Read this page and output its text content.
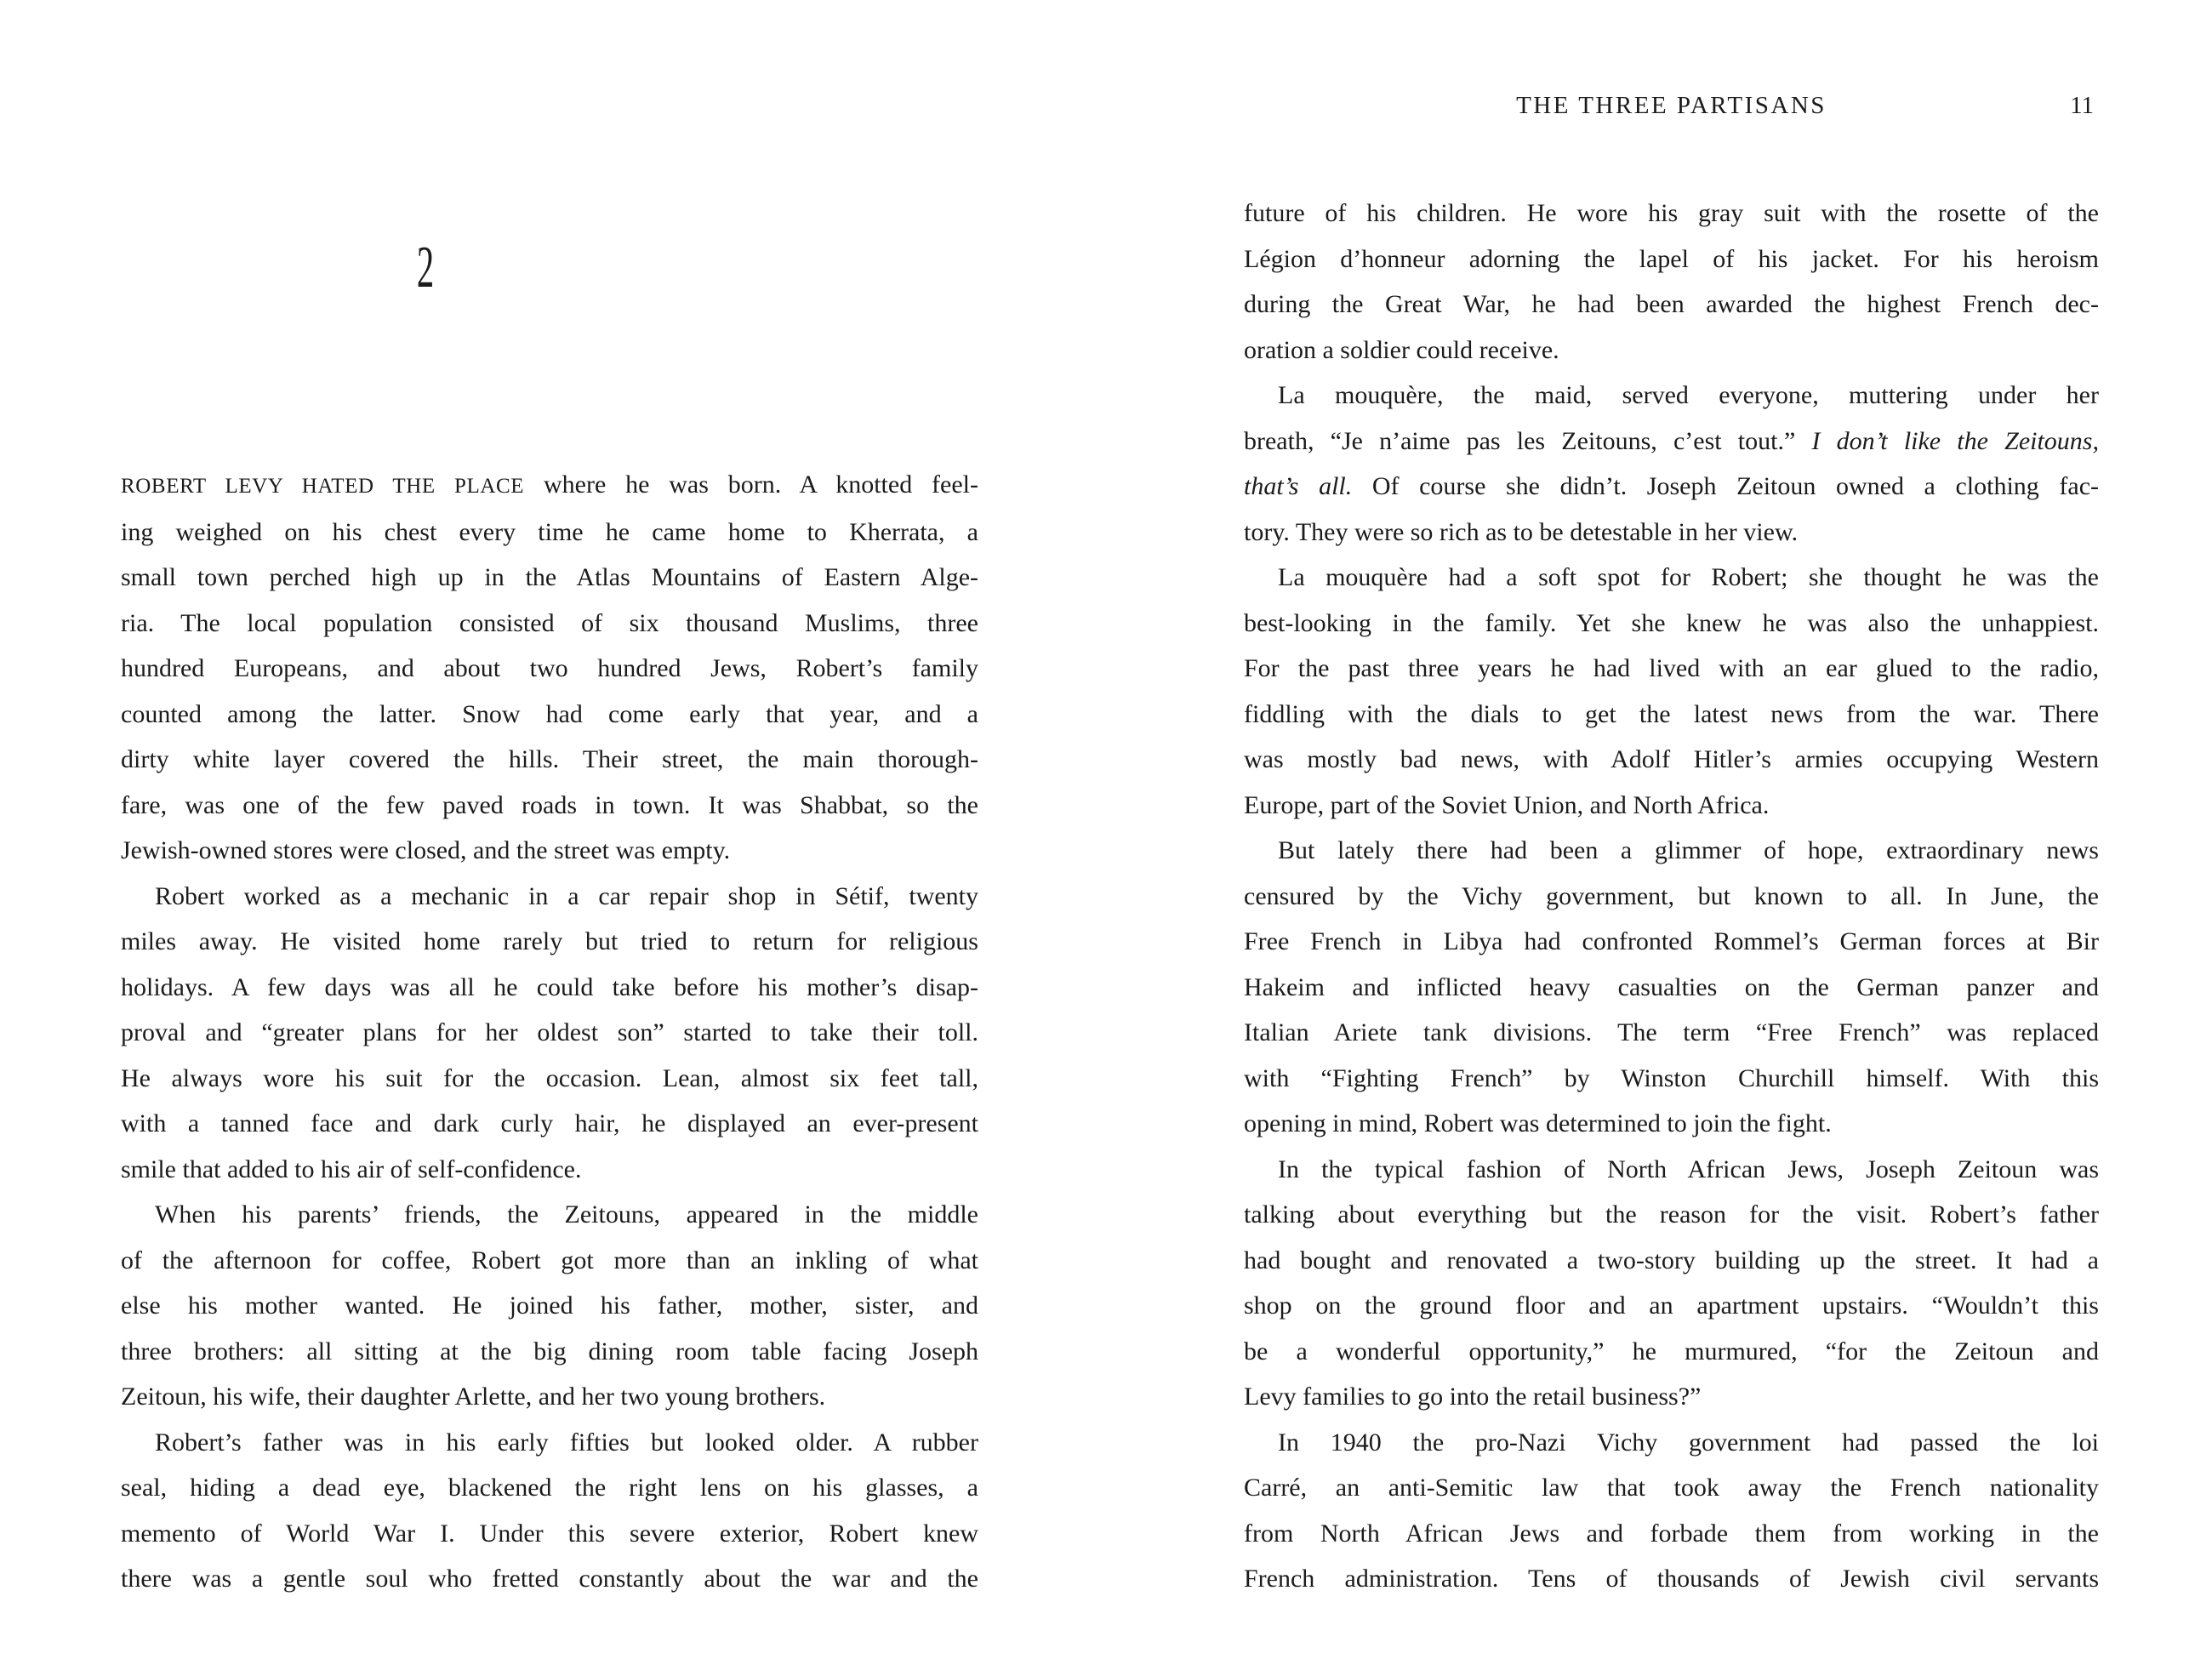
2
ROBERT LEVY HATED THE PLACE where he was born. A knotted feel-
ing weighed on his chest every time he came home to Kherrata, a
small town perched high up in the Atlas Mountains of Eastern Alge-
ria. The local population consisted of six thousand Muslims, three
hundred Europeans, and about two hundred Jews, Robert’s family
counted among the latter. Snow had come early that year, and a
dirty white layer covered the hills. Their street, the main thorough-
fare, was one of the few paved roads in town. It was Shabbat, so the
Jewish-owned stores were closed, and the street was empty.
Robert worked as a mechanic in a car repair shop in Sétif, twenty
miles away. He visited home rarely but tried to return for religious
holidays. A few days was all he could take before his mother’s disap-
proval and “greater plans for her oldest son” started to take their toll.
He always wore his suit for the occasion. Lean, almost six feet tall,
with a tanned face and dark curly hair, he displayed an ever-present
smile that added to his air of self-confidence.
When his parents’ friends, the Zeitouns, appeared in the middle
of the afternoon for coffee, Robert got more than an inkling of what
else his mother wanted. He joined his father, mother, sister, and
three brothers: all sitting at the big dining room table facing Joseph
Zeitoun, his wife, their daughter Arlette, and her two young brothers.
Robert’s father was in his early fifties but looked older. A rubber
seal, hiding a dead eye, blackened the right lens on his glasses, a
memento of World War I. Under this severe exterior, Robert knew
there was a gentle soul who fretted constantly about the war and the
THE THREE PARTISANS	11
future of his children. He wore his gray suit with the rosette of the
Légion d’honneur adorning the lapel of his jacket. For his heroism
during the Great War, he had been awarded the highest French dec-
oration a soldier could receive.
La mouquère, the maid, served everyone, muttering under her
breath, “Je n’aime pas les Zeitouns, c’est tout.” I don’t like the Zeitouns,
that’s all. Of course she didn’t. Joseph Zeitoun owned a clothing fac-
tory. They were so rich as to be detestable in her view.
La mouquère had a soft spot for Robert; she thought he was the
best-looking in the family. Yet she knew he was also the unhappiest.
For the past three years he had lived with an ear glued to the radio,
fiddling with the dials to get the latest news from the war. There
was mostly bad news, with Adolf Hitler’s armies occupying Western
Europe, part of the Soviet Union, and North Africa.
But lately there had been a glimmer of hope, extraordinary news
censured by the Vichy government, but known to all. In June, the
Free French in Libya had confronted Rommel’s German forces at Bir
Hakeim and inflicted heavy casualties on the German panzer and
Italian Ariete tank divisions. The term “Free French” was replaced
with “Fighting French” by Winston Churchill himself. With this
opening in mind, Robert was determined to join the fight.
In the typical fashion of North African Jews, Joseph Zeitoun was
talking about everything but the reason for the visit. Robert’s father
had bought and renovated a two-story building up the street. It had a
shop on the ground floor and an apartment upstairs. “Wouldn’t this
be a wonderful opportunity,” he murmured, “for the Zeitoun and
Levy families to go into the retail business?”
In 1940 the pro-Nazi Vichy government had passed the loi
Carré, an anti-Semitic law that took away the French nationality
from North African Jews and forbade them from working in the
French administration. Tens of thousands of Jewish civil servants
